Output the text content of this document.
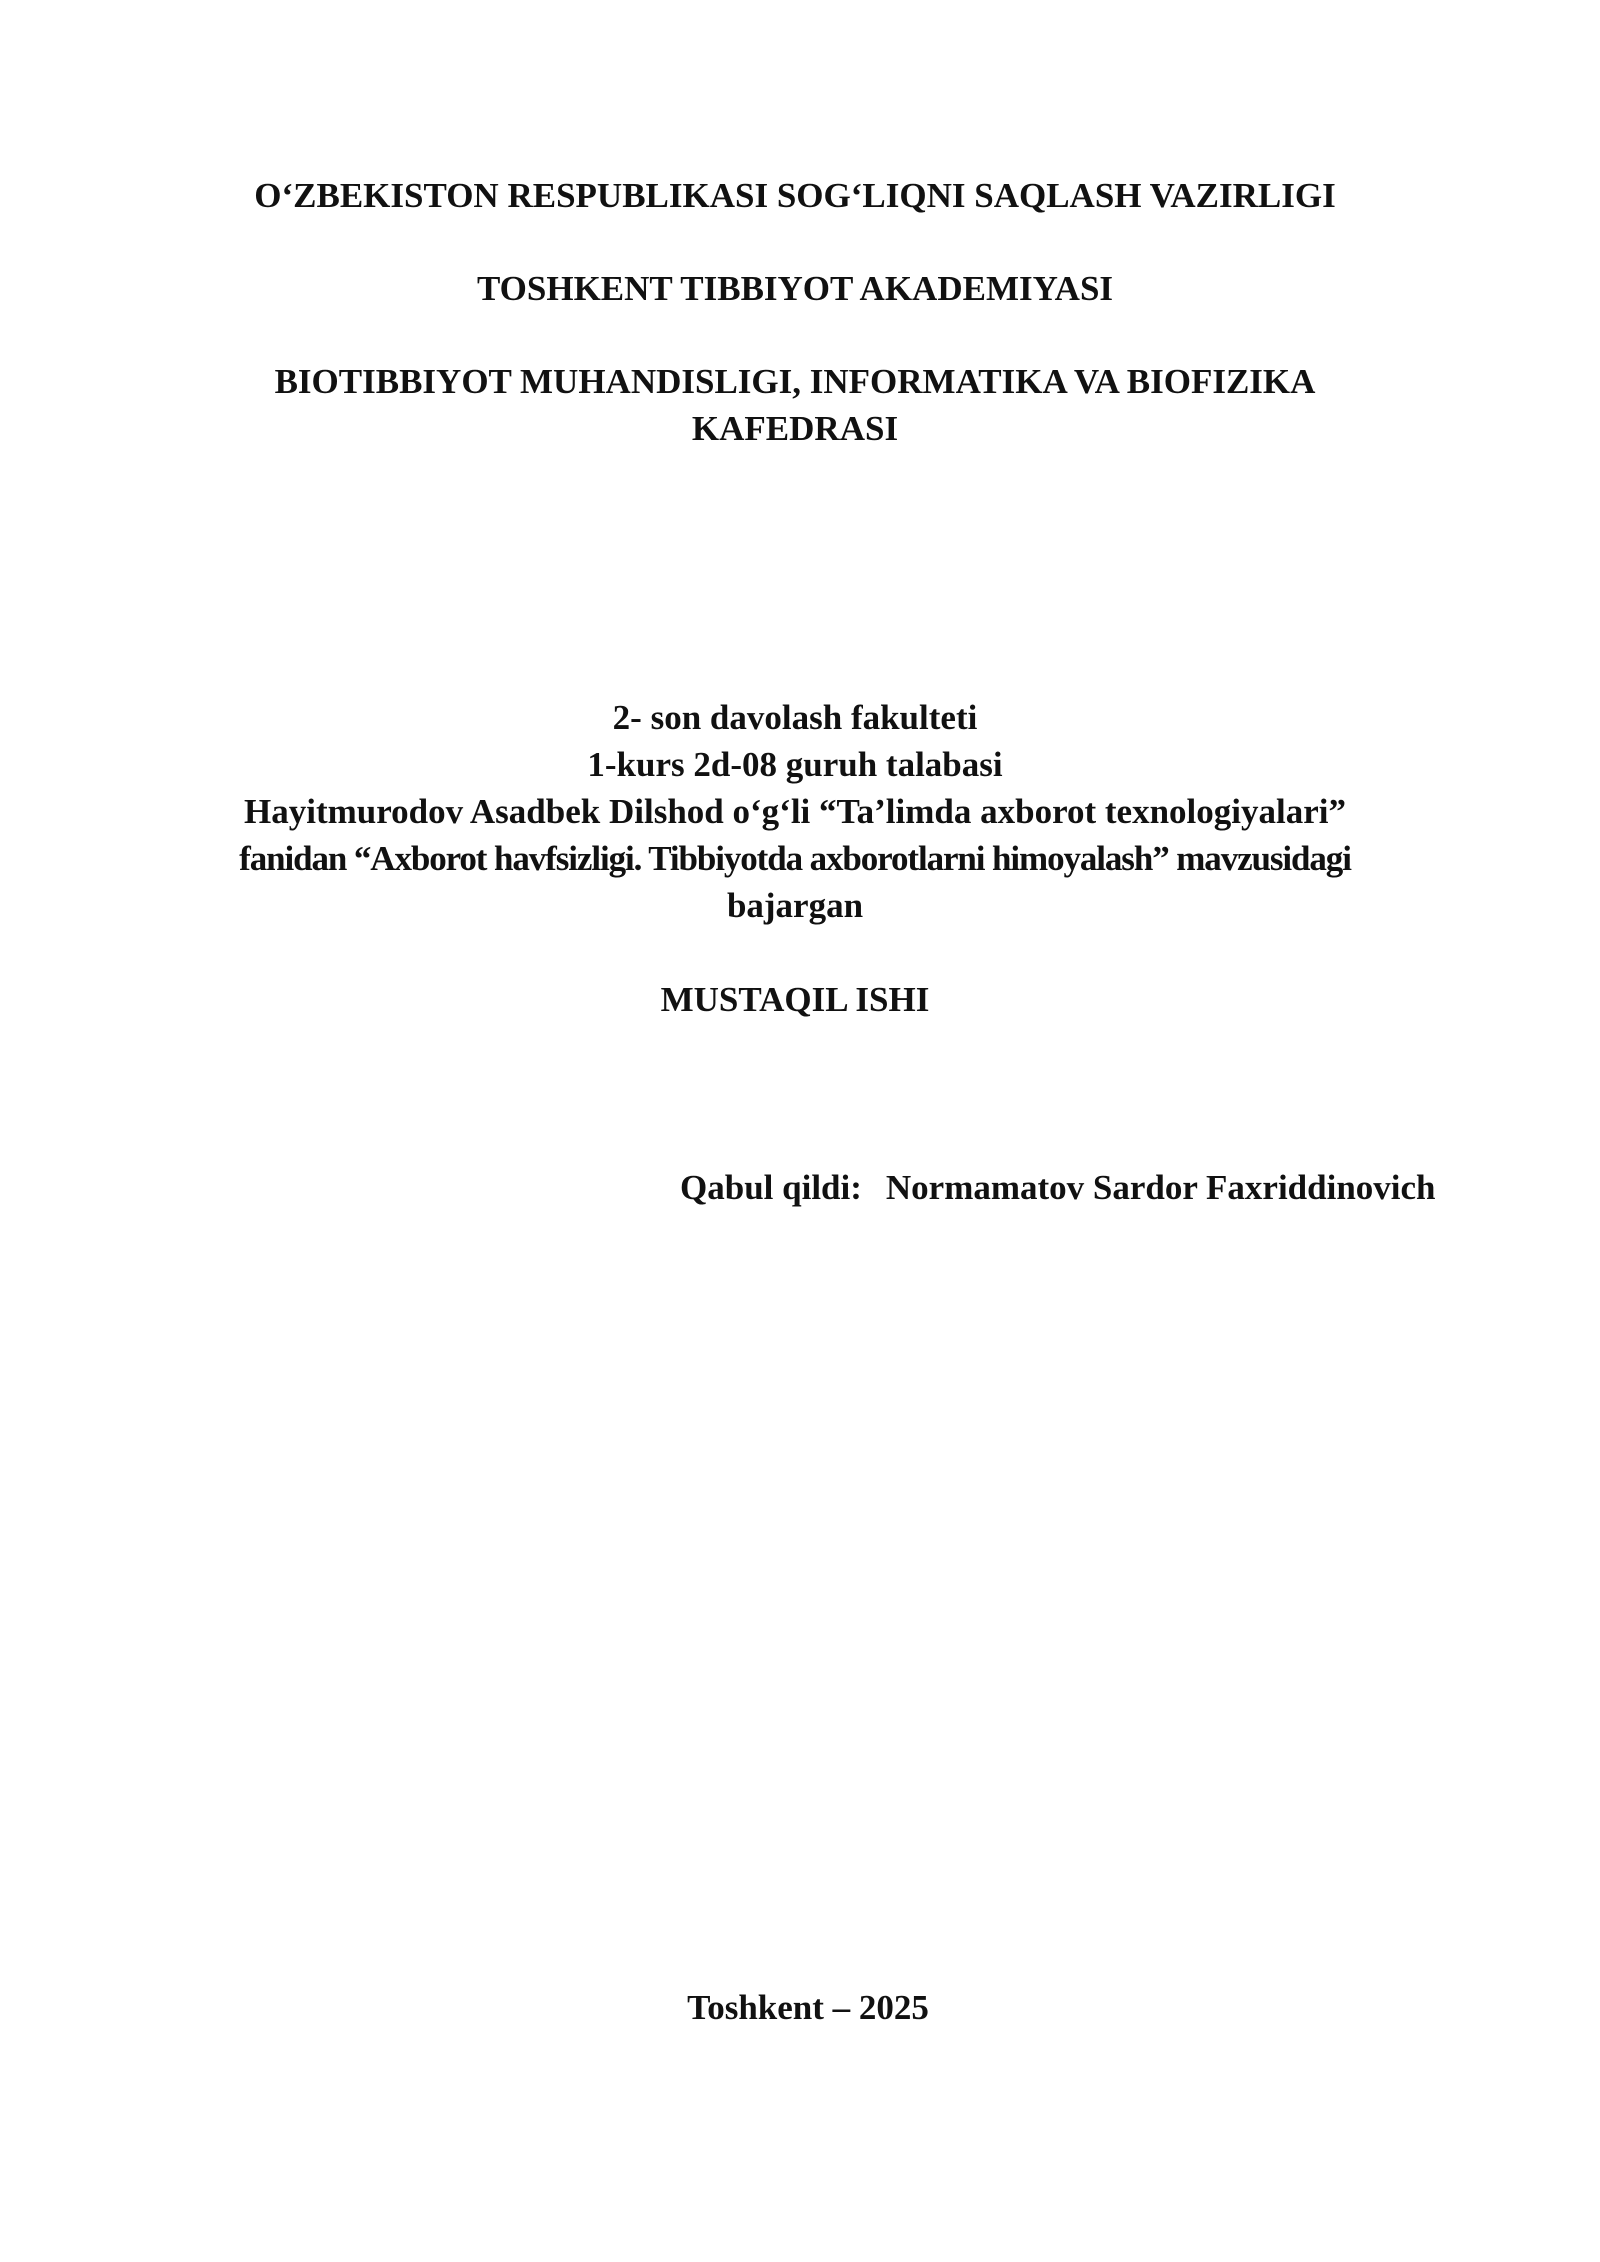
O‘ZBEKISTON RESPUBLIKASI SOG‘LIQNI SAQLASH VAZIRLIGI
TOSHKENT TIBBIYOT AKADEMIYASI
BIOTIBBIYOT MUHANDISLIGI, INFORMATIKA VA BIOFIZIKA
KAFEDRASI
2- son davolash fakulteti
1-kurs 2d-08 guruh talabasi
Hayitmurodov Asadbek Dilshod o‘g‘li “Ta’limda axborot texnologiyalari”
fanidan “Axborot havfsizligi. Tibbiyotda axborotlarni himoyalash” mavzusidagi
bajargan
MUSTAQIL ISHI
Qabul qildi: Normamatov Sardor Faxriddinovich
Toshkent – 2025
